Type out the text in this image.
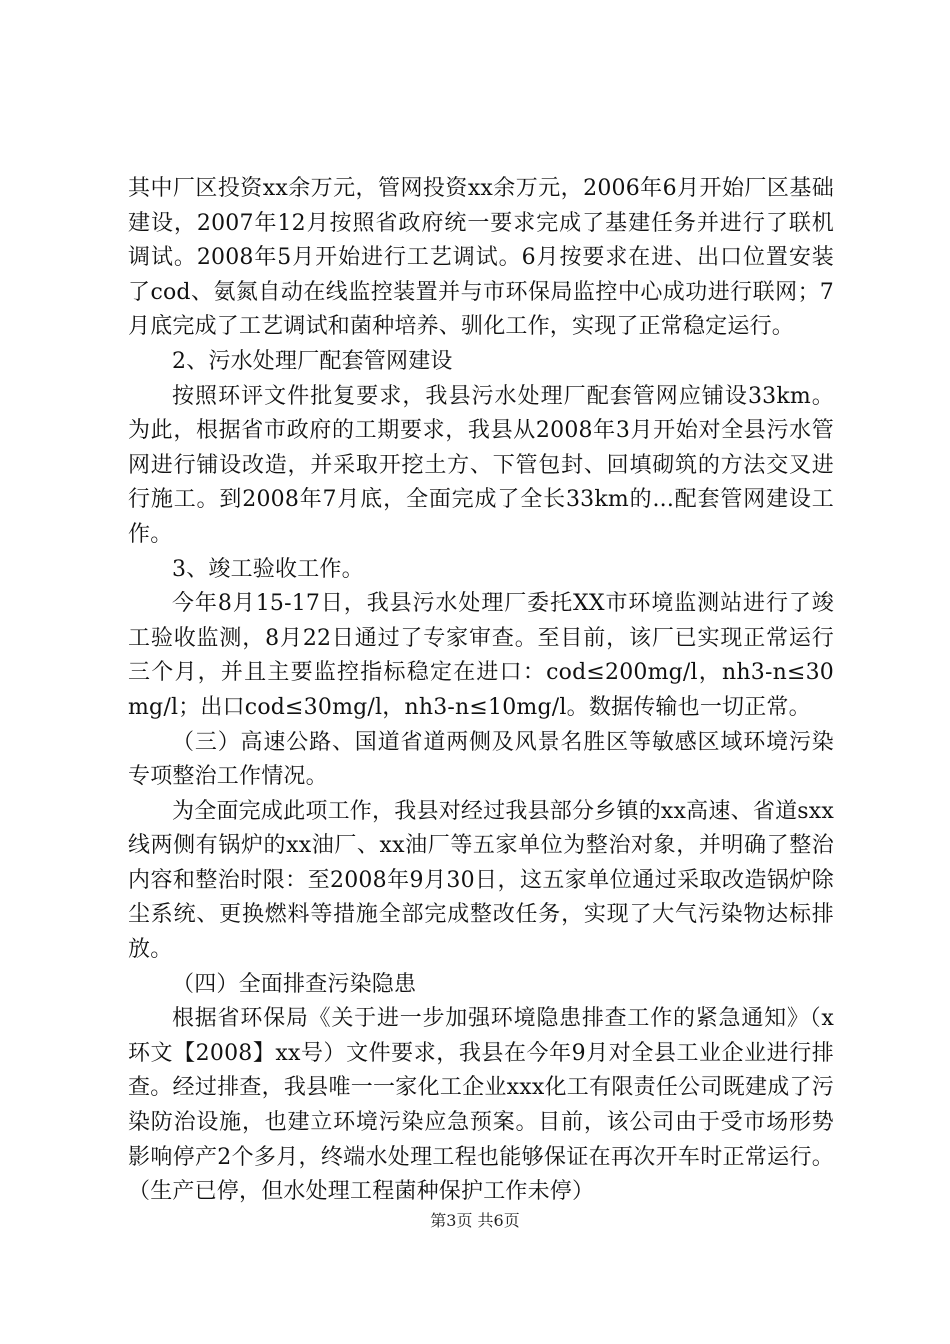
其中厂区投资xx余万元，管网投资xx余万元，2006年6月开始厂区基础建设，2007年12月按照省政府统一要求完成了基建任务并进行了联机调试。2008年5月开始进行工艺调试。6月按要求在进、出口位置安装了cod、氨氮自动在线监控装置并与市环保局监控中心成功进行联网；7月底完成了工艺调试和菌种培养、驯化工作，实现了正常稳定运行。

2、污水处理厂配套管网建设

按照环评文件批复要求，我县污水处理厂配套管网应铺设33km。为此，根据省市政府的工期要求，我县从2008年3月开始对全县污水管网进行铺设改造，并采取开挖土方、下管包封、回填砌筑的方法交叉进行施工。到2008年7月底，全面完成了全长33km的...配套管网建设工作。

3、竣工验收工作。

今年8月15-17日，我县污水处理厂委托XX市环境监测站进行了竣工验收监测，8月22日通过了专家审查。至目前，该厂已实现正常运行三个月，并且主要监控指标稳定在进口：cod≤200mg/l，nh3-n≤30mg/l；出口cod≤30mg/l，nh3-n≤10mg/l。数据传输也一切正常。

（三）高速公路、国道省道两侧及风景名胜区等敏感区域环境污染专项整治工作情况。

为全面完成此项工作，我县对经过我县部分乡镇的xx高速、省道sxx线两侧有锅炉的xx油厂、xx油厂等五家单位为整治对象，并明确了整治内容和整治时限：至2008年9月30日，这五家单位通过采取改造锅炉除尘系统、更换燃料等措施全部完成整改任务，实现了大气污染物达标排放。

（四）全面排查污染隐患

根据省环保局《关于进一步加强环境隐患排查工作的紧急通知》（x环文【2008】xx号）文件要求，我县在今年9月对全县工业企业进行排查。经过排查，我县唯一一家化工企业xxx化工有限责任公司既建成了污染防治设施，也建立环境污染应急预案。目前，该公司由于受市场形势影响停产2个多月，终端水处理工程也能够保证在再次开车时正常运行。（生产已停，但水处理工程菌种保护工作未停）

第3页 共6页
